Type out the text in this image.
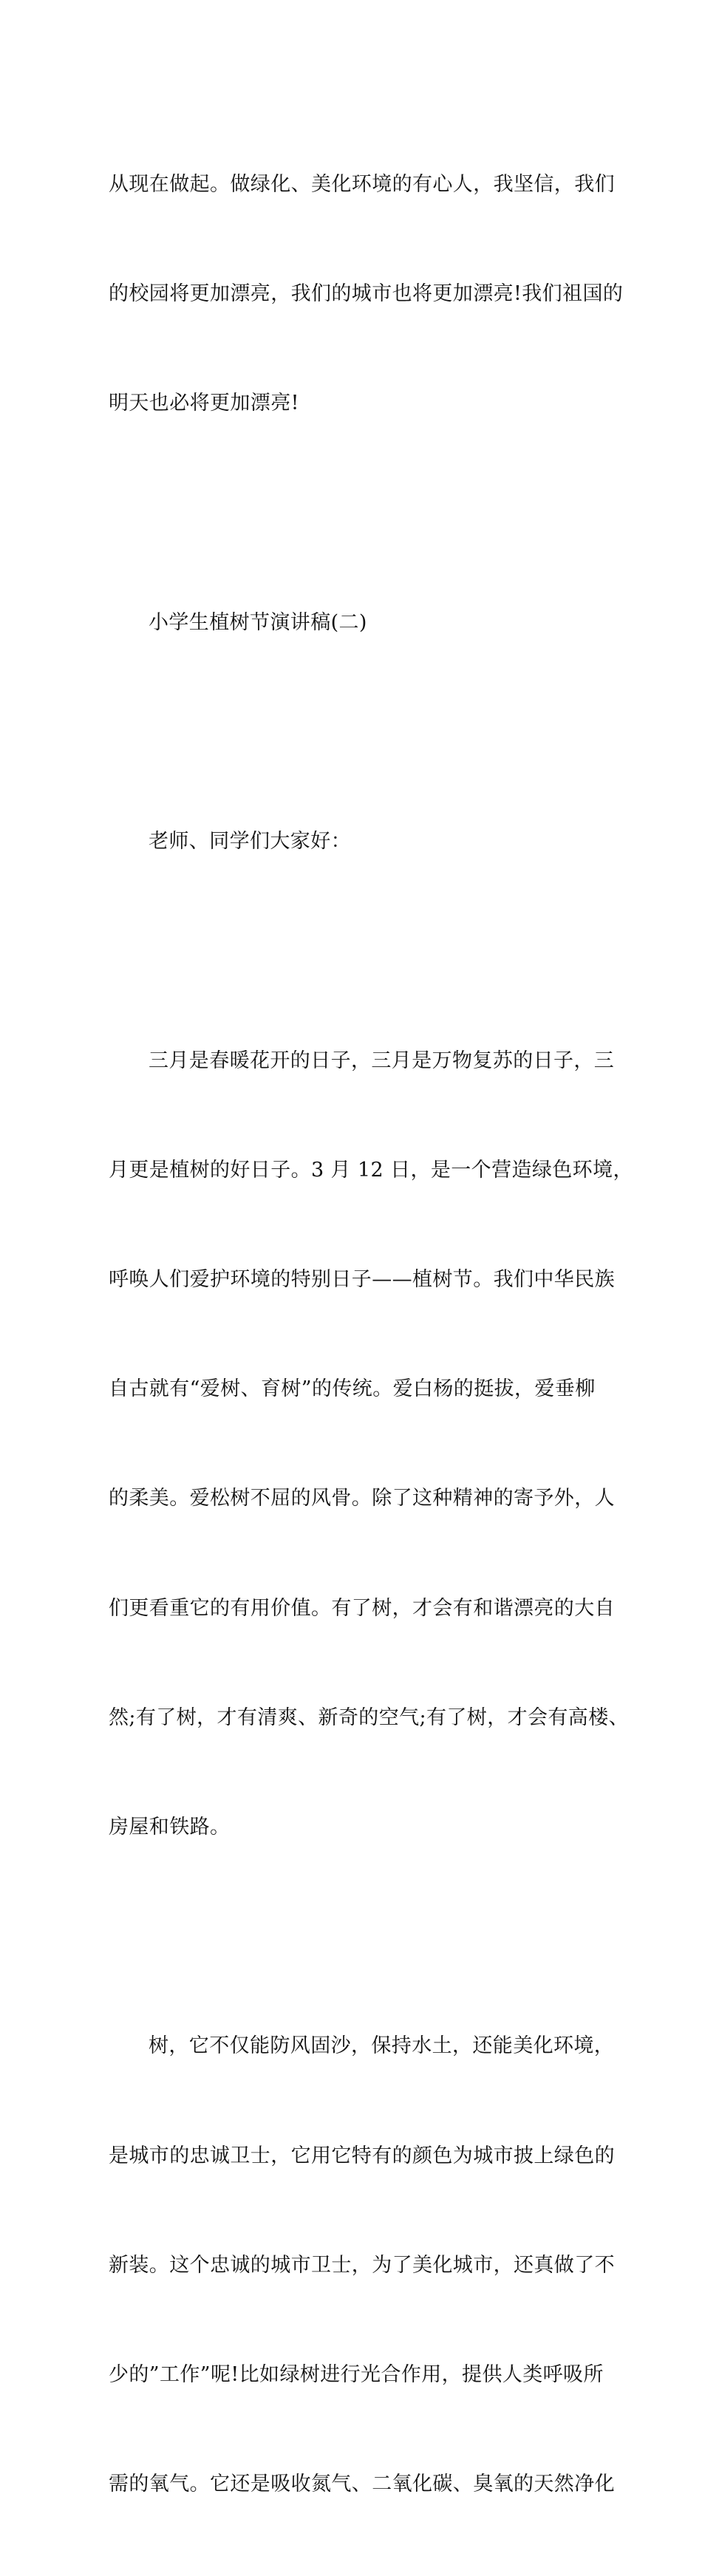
从现在做起。做绿化、美化环境的有心人，我坚信，我们

的校园将更加漂亮，我们的城市也将更加漂亮!我们祖国的

明天也必将更加漂亮!

小学生植树节演讲稿(二)

老师、同学们大家好：

三月是春暖花开的日子，三月是万物复苏的日子，三

月更是植树的好日子。3 月 12 日，是一个营造绿色环境，

呼唤人们爱护环境的特别日子——植树节。我们中华民族

自古就有“爱树、育树”的传统。爱白杨的挺拔，爱垂柳

的柔美。爱松树不屈的风骨。除了这种精神的寄予外，人

们更看重它的有用价值。有了树，才会有和谐漂亮的大自

然;有了树，才有清爽、新奇的空气;有了树，才会有高楼、

房屋和铁路。

树，它不仅能防风固沙，保持水土，还能美化环境，

是城市的忠诚卫士，它用它特有的颜色为城市披上绿色的

新装。这个忠诚的城市卫士，为了美化城市，还真做了不

少的”工作”呢!比如绿树进行光合作用，提供人类呼吸所

需的氧气。它还是吸收氮气、二氧化碳、臭氧的天然净化
